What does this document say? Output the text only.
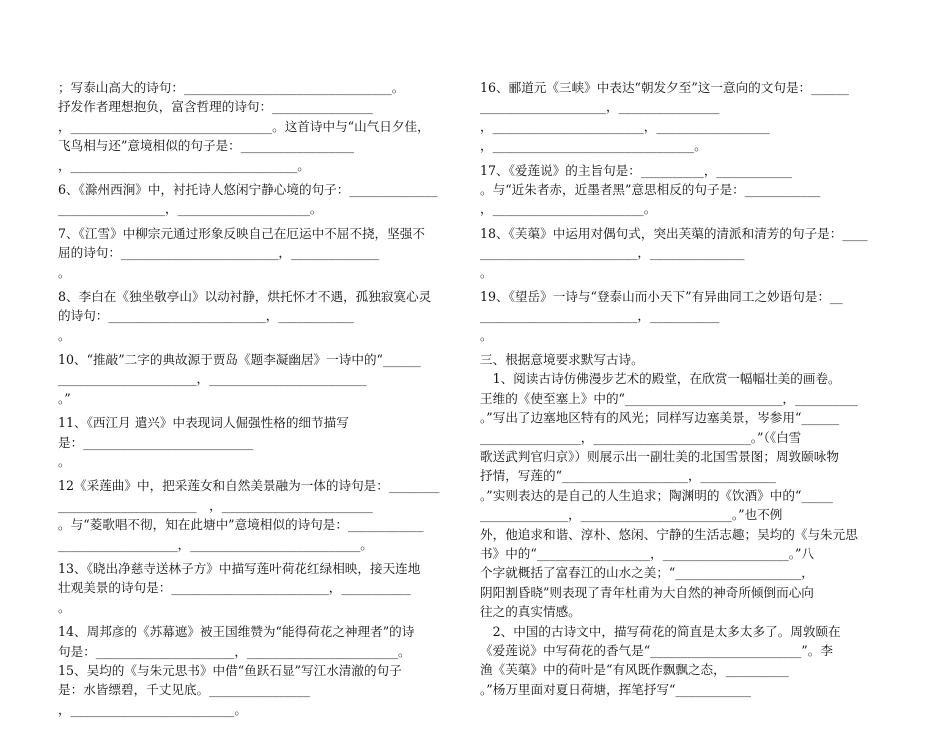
；写泰山高大的诗句：_________________________________。
抒发作者理想抱负，富含哲理的诗句：________________
，________________________________。这首诗中与“山气日夕佳，
飞鸟相与还”意境相似的句子是：__________________
，____________________________________。
6、《滁州西涧》中，衬托诗人悠闲宁静心境的句子：______________
_________________，_____________________。
7、《江雪》中柳宗元通过形象反映自己在厄运中不屈不挠，坚强不
屈的诗句：_________________________，______________
。
8、李白在《独坐敬亭山》以动衬静，烘托怀才不遇，孤独寂寞心灵
的诗句：_________________________，____________
。
10、“推敲”二字的典故源于贾岛《题李凝幽居》一诗中的“______
______________________，_________________________
。”
11、《西江月 遣兴》中表现词人倔强性格的细节描写
是：___________________________
。
12《采莲曲》中，把采莲女和自然美景融为一体的诗句是：________
______________________　，________________________
。与“菱歌唱不彻，知在此塘中”意境相似的诗句是：____________
___________________，___________________________。
13、《晓出净慈寺送林子方》中描写莲叶荷花红绿相映，接天连地
壮观美景的诗句是：_________________________，___________
。
14、周邦彦的《苏幕遮》被王国维赞为“能得荷花之神理者”的诗
句是：______________________，________________________。
15、吴均的《与朱元思书》中借“鱼跃石显”写江水清澈的句子
是：水皆缥碧，千丈见底。________________
，__________________________。
16、郦道元《三峡》中表达“朝发夕至”这一意向的文句是：______
____________________，________________
，________________________，__________________
，________________________________。
17、《爱莲说》的主旨句是：__________，____________
。与“近朱者赤，近墨者黑”意思相反的句子是：____________
，________________________。
18、《芙蕖》中运用对偶句式，突出芙蕖的清派和清芳的句子是：____
_________________________，_______________
。
19、《望岳》一诗与“登泰山而小天下”有异曲同工之妙语句是：__
_________________________，___________
。
三、根据意境要求默写古诗。
　1、阅读古诗仿佛漫步艺术的殿堂，在欣赏一幅幅壮美的画卷。
王维的《使至塞上》中的“_________________________，__________
。”写出了边塞地区特有的风光；同样写边塞美景，岑参用“______
________________，_________________________。”（《白雪
歌送武判官归京》）则展示出一副壮美的北国雪景图；周敦颐咏物
抒情，写莲的“____________________，____________
。”实则表达的是自己的人生追求；陶渊明的《饮酒》中的“_____
______________，________________________。”也不例
外，他追求和谐、淳朴、悠闲、宁静的生活志趣；吴均的《与朱元思
书》中的“__________________，____________________。”八
个字就概括了富春江的山水之美；“____________________，
阴阳割昏晓”则表现了青年杜甫为大自然的神奇所倾倒而心向
往之的真实情感。
　2、中国的古诗文中，描写荷花的简直是太多太多了。周敦颐在
《爱莲说》中写荷花的香气是“________________________”。李
渔《芙蕖》中的荷叶是“有风既作飘飘之态，__________
。”杨万里面对夏日荷塘，挥笔抒写“____________
